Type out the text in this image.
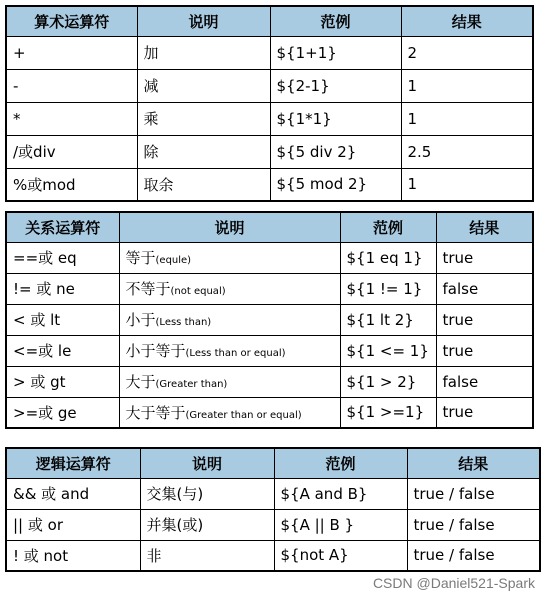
算术运算符	说明	范例	结果
+	加	${1+1}	2
-	减	${2-1}	1
*	乘	${1*1}	1
/或div	除	${5 div 2}	2.5
%或mod	取余	${5 mod 2}	1
关系运算符	说明	范例	结果
==或 eq	等于(equle)	${1 eq 1}	true
!= 或 ne	不等于(not equal)	${1 != 1}	false
< 或 lt	小于(Less than)	${1 lt 2}	true
<=或 le	小于等于(Less than or equal)	${1 <= 1}	true
> 或 gt	大于(Greater than)	${1 > 2}	false
>=或 ge	大于等于(Greater than or equal)	${1 >=1}	true
逻辑运算符	说明	范例	结果
&& 或 and	交集(与)	${A and B}	true / false
|| 或 or	并集(或)	${A || B }	true / false
! 或 not	非	${not A}	true / false
CSDN @Daniel521-Spark
